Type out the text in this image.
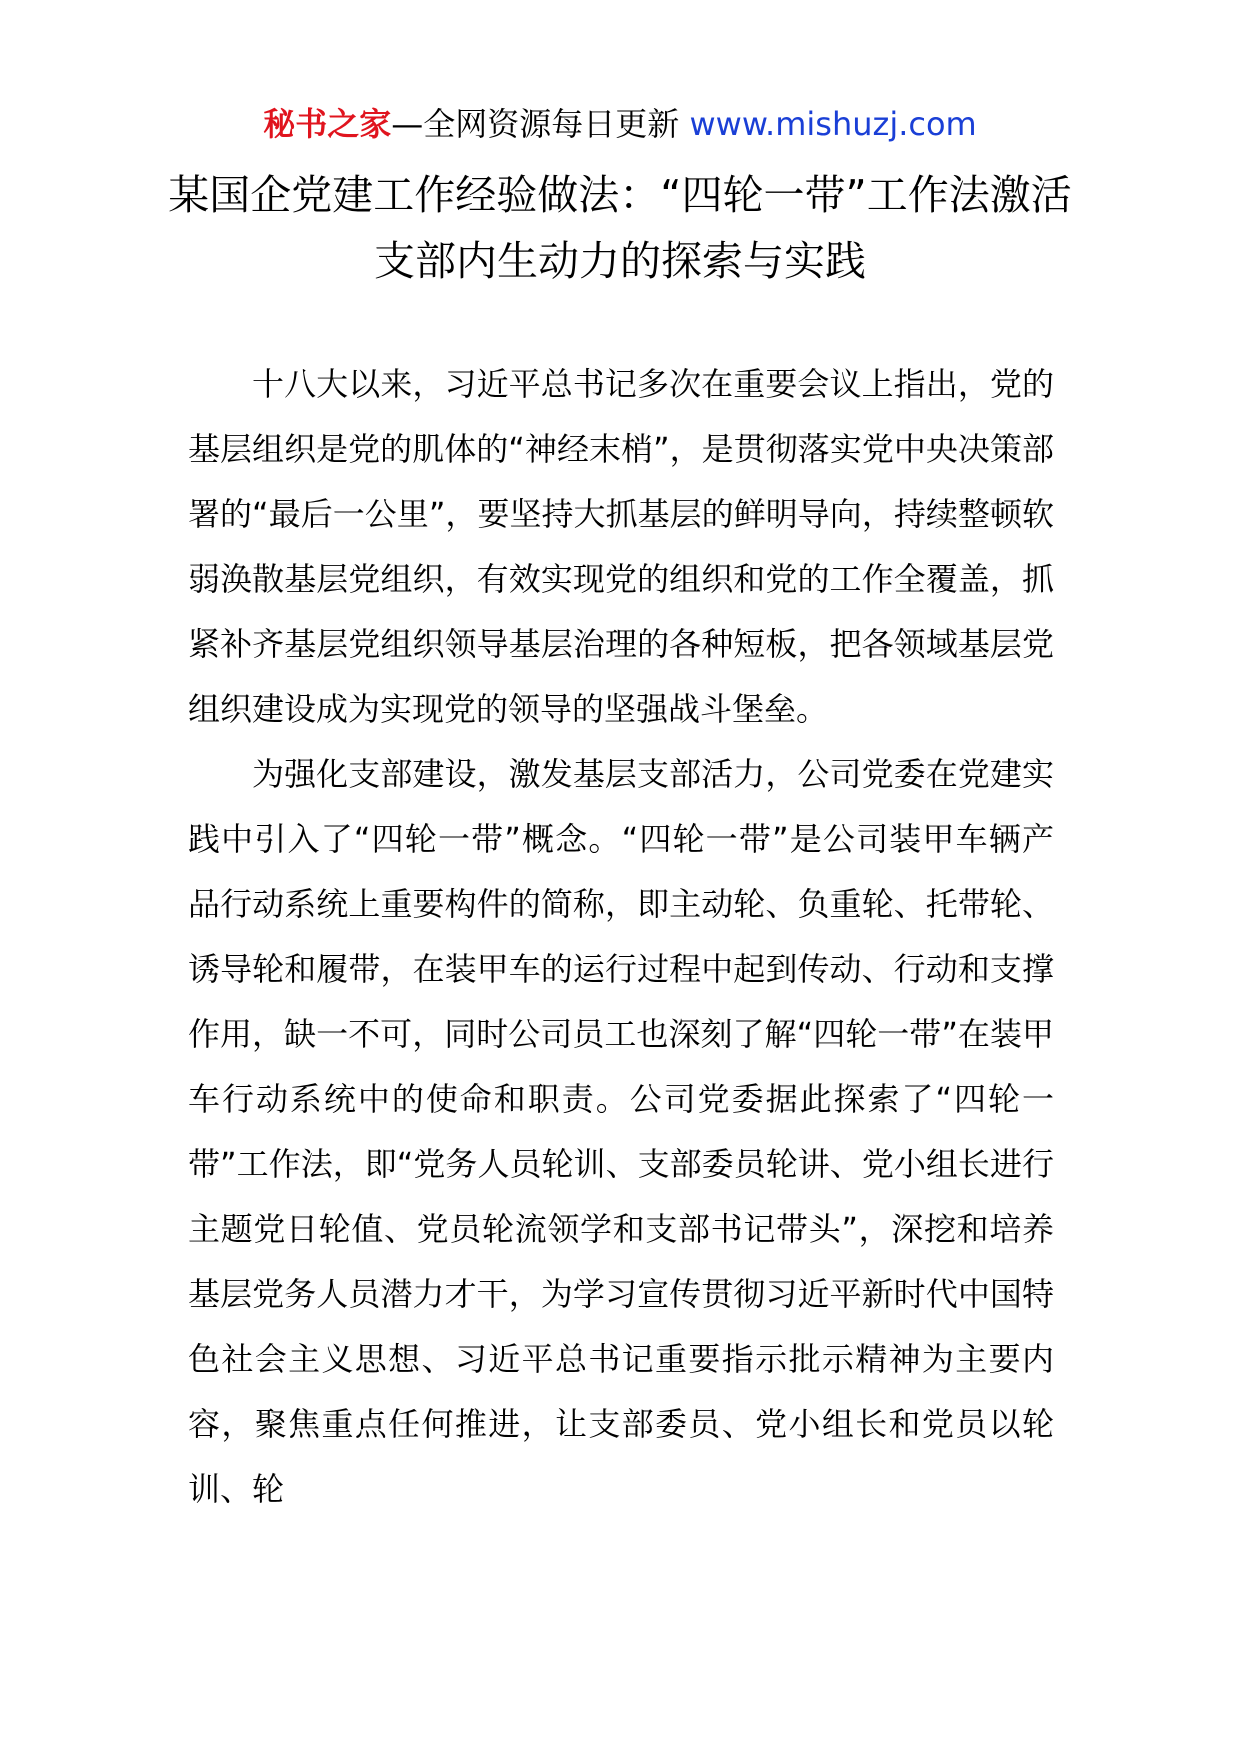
秘书之家—全网资源每日更新 www.mishuzj.com
某国企党建工作经验做法：“四轮一带”工作法激活支部内生动力的探索与实践

十八大以来，习近平总书记多次在重要会议上指出，党的基层组织是党的肌体的“神经末梢”，是贯彻落实党中央决策部署的“最后一公里”，要坚持大抓基层的鲜明导向，持续整顿软弱涣散基层党组织，有效实现党的组织和党的工作全覆盖，抓紧补齐基层党组织领导基层治理的各种短板，把各领域基层党组织建设成为实现党的领导的坚强战斗堡垒。

为强化支部建设，激发基层支部活力，公司党委在党建实践中引入了“四轮一带”概念。“四轮一带”是公司装甲车辆产品行动系统上重要构件的简称，即主动轮、负重轮、托带轮、诱导轮和履带，在装甲车的运行过程中起到传动、行动和支撑作用，缺一不可，同时公司员工也深刻了解“四轮一带”在装甲车行动系统中的使命和职责。公司党委据此探索了“四轮一带”工作法，即“党务人员轮训、支部委员轮讲、党小组长进行主题党日轮值、党员轮流领学和支部书记带头”，深挖和培养基层党务人员潜力才干，为学习宣传贯彻习近平新时代中国特色社会主义思想、习近平总书记重要指示批示精神为主要内容，聚焦重点任何推进，让支部委员、党小组长和党员以轮训、轮
